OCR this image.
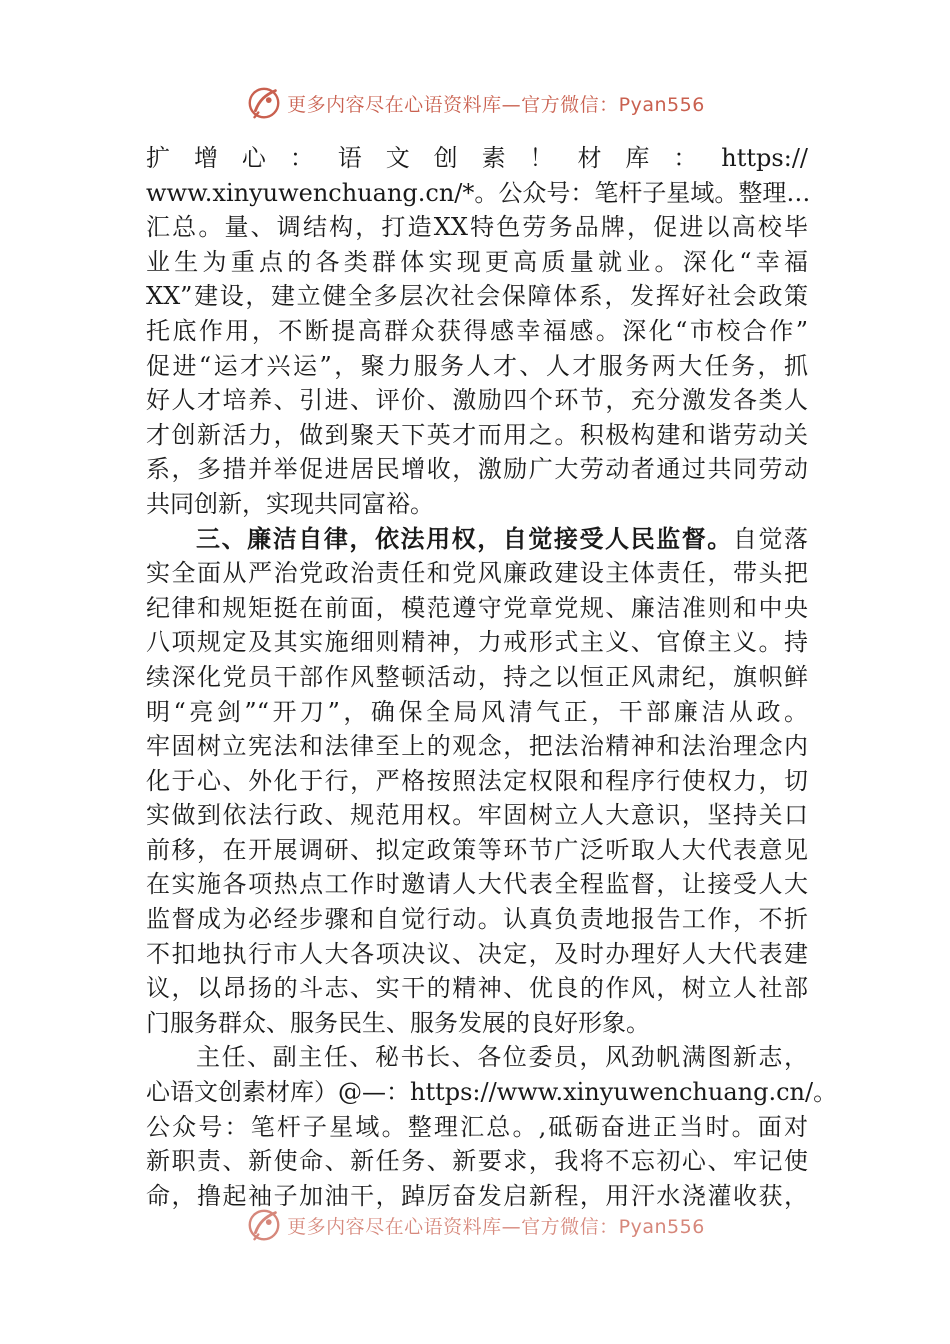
更多内容尽在心语资料库—官方微信：Pyan556
扩 增 心 ： 语 文 创 素 ！ 材 库 ： https://
www.xinyuwenchuang.cn/*。公众号：笔杆子星域。整理…
汇总。量、调结构，打造XX特色劳务品牌，促进以高校毕
业生为重点的各类群体实现更高质量就业。深化“幸福
XX”建设，建立健全多层次社会保障体系，发挥好社会政策
托底作用，不断提高群众获得感幸福感。深化“市校合作”
促进“运才兴运”，聚力服务人才、人才服务两大任务，抓
好人才培养、引进、评价、激励四个环节，充分激发各类人
才创新活力，做到聚天下英才而用之。积极构建和谐劳动关
系，多措并举促进居民增收，激励广大劳动者通过共同劳动
共同创新，实现共同富裕。
三、廉洁自律，依法用权，自觉接受人民监督。自觉落
实全面从严治党政治责任和党风廉政建设主体责任，带头把
纪律和规矩挺在前面，模范遵守党章党规、廉洁准则和中央
八项规定及其实施细则精神，力戒形式主义、官僚主义。持
续深化党员干部作风整顿活动，持之以恒正风肃纪，旗帜鲜
明“亮剑”“开刀”，确保全局风清气正，干部廉洁从政。
牢固树立宪法和法律至上的观念，把法治精神和法治理念内
化于心、外化于行，严格按照法定权限和程序行使权力，切
实做到依法行政、规范用权。牢固树立人大意识，坚持关口
前移，在开展调研、拟定政策等环节广泛听取人大代表意见
在实施各项热点工作时邀请人大代表全程监督，让接受人大
监督成为必经步骤和自觉行动。认真负责地报告工作，不折
不扣地执行市人大各项决议、决定，及时办理好人大代表建
议，以昂扬的斗志、实干的精神、优良的作风，树立人社部
门服务群众、服务民生、服务发展的良好形象。
主任、副主任、秘书长、各位委员，风劲帆满图新志，
心语文创素材库）@—：https://www.xinyuwenchuang.cn/。
公众号：笔杆子星域。整理汇总。,砥砺奋进正当时。面对
新职责、新使命、新任务、新要求，我将不忘初心、牢记使
命，撸起袖子加油干，踔厉奋发启新程，用汗水浇灌收获，
更多内容尽在心语资料库—官方微信：Pyan556
